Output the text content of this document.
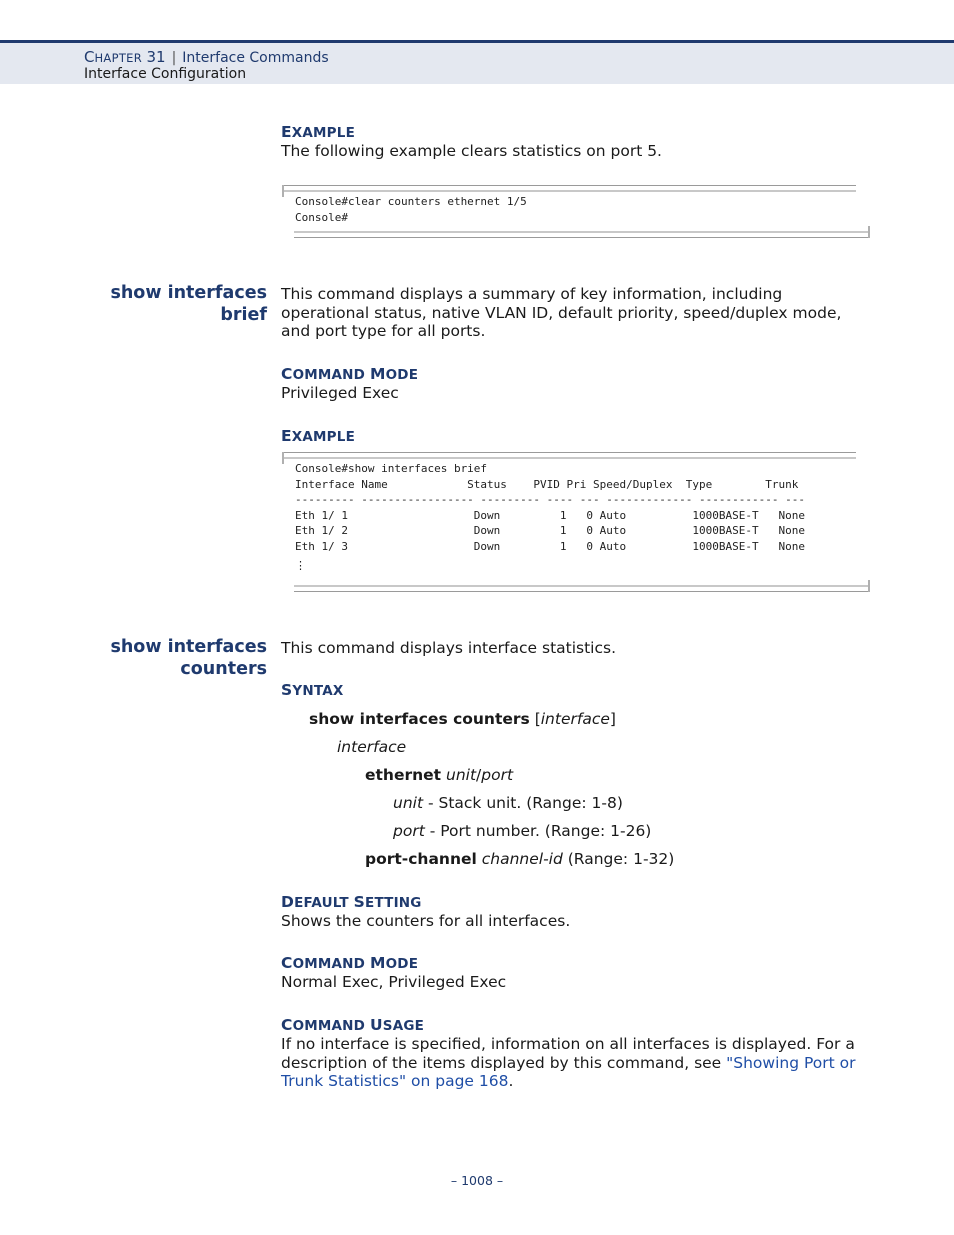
CHAPTER 31 | Interface Commands
Interface Configuration
EXAMPLE
The following example clears statistics on port 5.
Console#clear counters ethernet 1/5
Console#
show interfaces
brief
This command displays a summary of key information, including operational status, native VLAN ID, default priority, speed/duplex mode, and port type for all ports.
COMMAND MODE
Privileged Exec
EXAMPLE
Console#show interfaces brief
Interface Name            Status    PVID Pri Speed/Duplex  Type        Trunk
--------- ----------------- --------- ---- --- ------------- ------------ ---
Eth 1/ 1                   Down         1   0 Auto          1000BASE-T   None
Eth 1/ 2                   Down         1   0 Auto          1000BASE-T   None
Eth 1/ 3                   Down         1   0 Auto          1000BASE-T   None
⋮
show interfaces
counters
This command displays interface statistics.
SYNTAX
show interfaces counters [interface]
interface
ethernet unit/port
unit - Stack unit. (Range: 1-8)
port - Port number. (Range: 1-26)
port-channel channel-id (Range: 1-32)
DEFAULT SETTING
Shows the counters for all interfaces.
COMMAND MODE
Normal Exec, Privileged Exec
COMMAND USAGE
If no interface is specified, information on all interfaces is displayed. For a
description of the items displayed by this command, see "Showing Port or
Trunk Statistics" on page 168.
– 1008 –
